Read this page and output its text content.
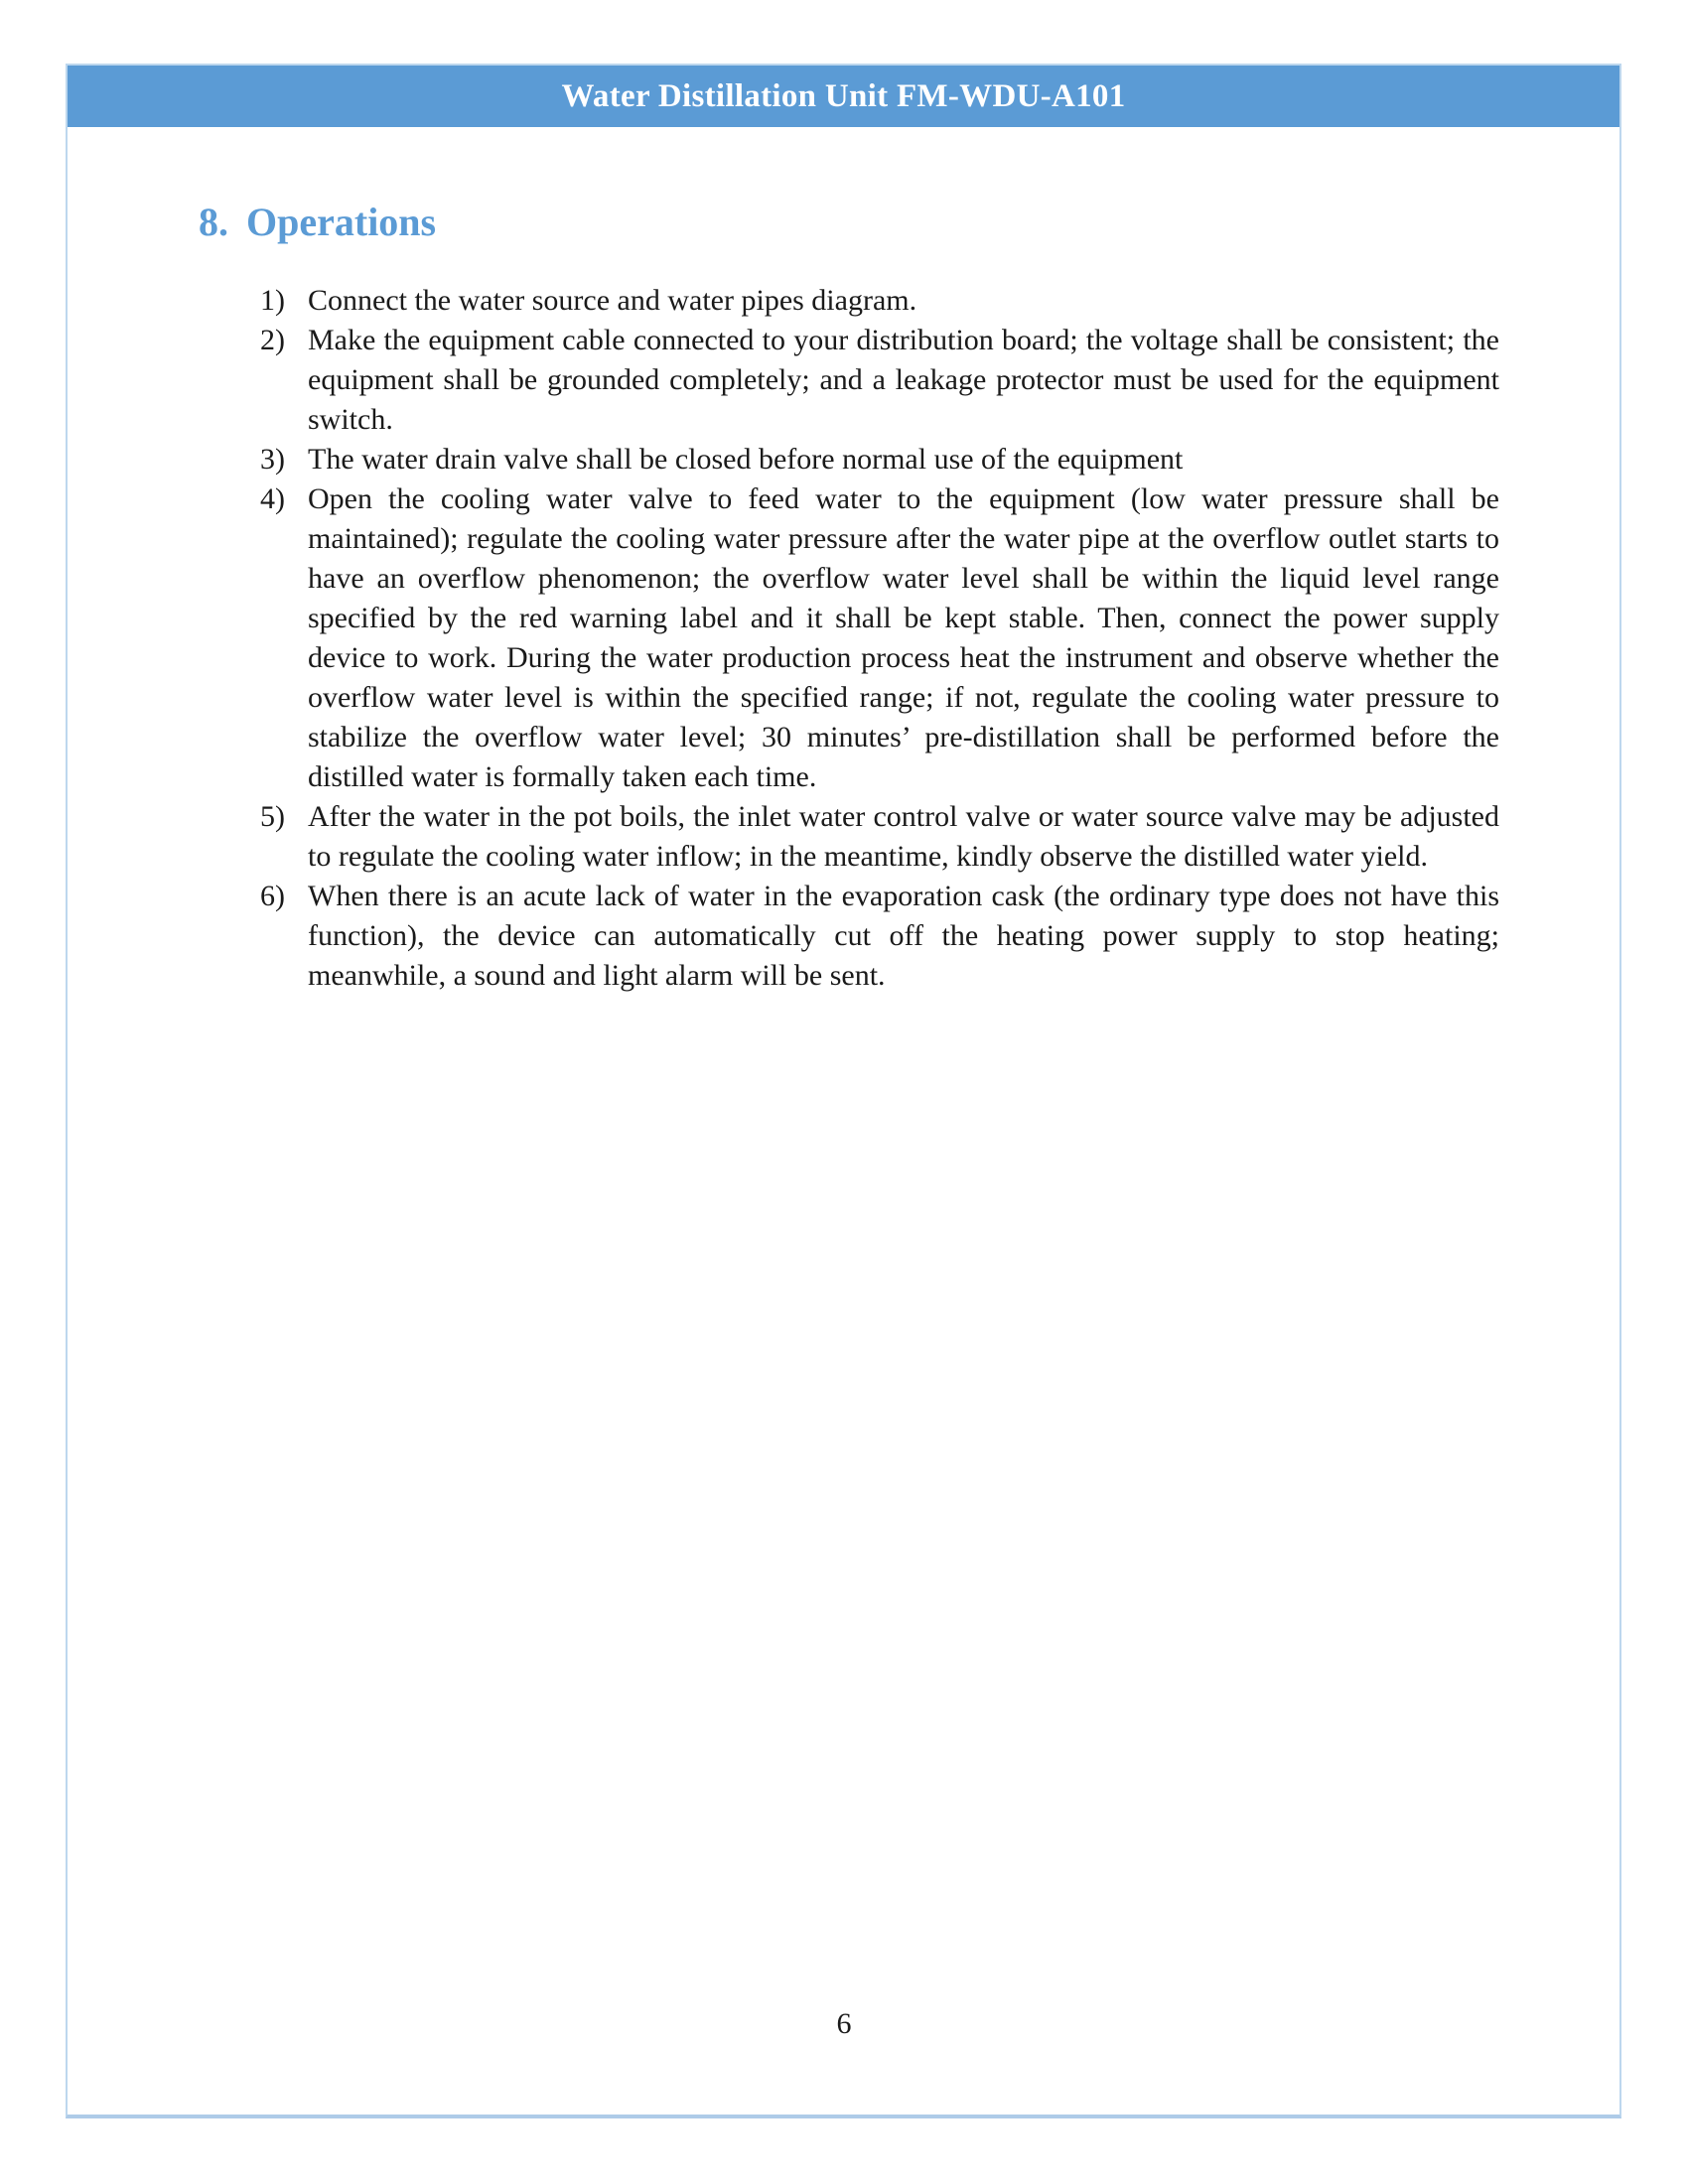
Water Distillation Unit FM-WDU-A101
8. Operations
1) Connect the water source and water pipes diagram.
2) Make the equipment cable connected to your distribution board; the voltage shall be consistent; the equipment shall be grounded completely; and a leakage protector must be used for the equipment switch.
3) The water drain valve shall be closed before normal use of the equipment
4) Open the cooling water valve to feed water to the equipment (low water pressure shall be maintained); regulate the cooling water pressure after the water pipe at the overflow outlet starts to have an overflow phenomenon; the overflow water level shall be within the liquid level range specified by the red warning label and it shall be kept stable. Then, connect the power supply device to work. During the water production process heat the instrument and observe whether the overflow water level is within the specified range; if not, regulate the cooling water pressure to stabilize the overflow water level; 30 minutes’ pre-distillation shall be performed before the distilled water is formally taken each time.
5) After the water in the pot boils, the inlet water control valve or water source valve may be adjusted to regulate the cooling water inflow; in the meantime, kindly observe the distilled water yield.
6) When there is an acute lack of water in the evaporation cask (the ordinary type does not have this function), the device can automatically cut off the heating power supply to stop heating; meanwhile, a sound and light alarm will be sent.
6
